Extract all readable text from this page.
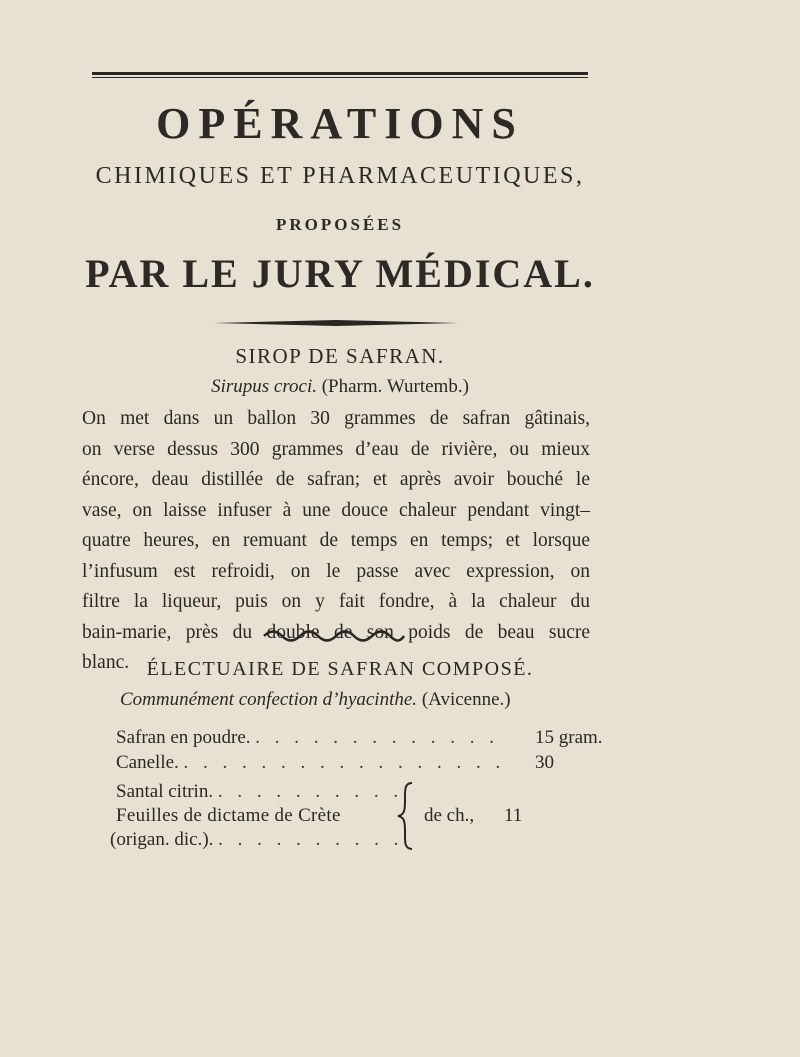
OPÉRATIONS
CHIMIQUES ET PHARMACEUTIQUES,
PROPOSÉES
PAR LE JURY MÉDICAL.
SIROP DE SAFRAN.
Sirupus croci. (Pharm. Wurtemb.)
On met dans un ballon 30 grammes de safran gâtinais,
on verse dessus 300 grammes d’eau de rivière, ou mieux
éncore, deau distillée de safran; et après avoir bouché le
vase, on laisse infuser à une douce chaleur pendant vingt–
quatre heures, en remuant de temps en temps; et lorsque
l’infusum est refroidi, on le passe avec expression, on
filtre la liqueur, puis on y fait fondre, à la chaleur du
bain-marie, près du double de son poids de beau sucre
blanc. ÉLECTUAIRE DE SAFRAN COMPOSÉ.
Communément confection d’hyacinthe. (Avicenne.)
Safran en poudre. . . . . . . . . . . . . .
Canelle. . . . . . . . . . . . . . . . . .
Santal citrin. . . . . . . . . . .
Feuilles de dictame de Crète
(origan. dic.). . . . . . . . . . .
15 gram.
30
de ch., 11
